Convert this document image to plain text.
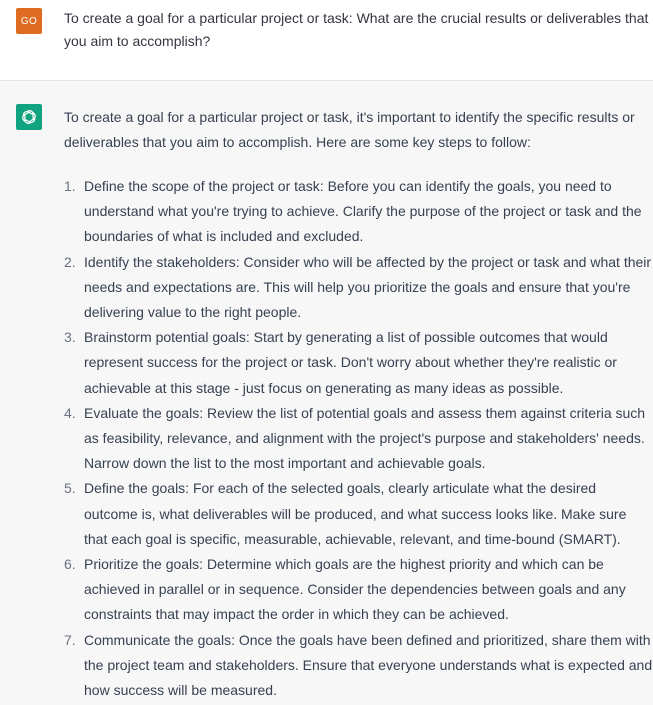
GO To create a goal for a particular project or task: What are the crucial results or deliverables that you aim to accomplish?

To create a goal for a particular project or task, it's important to identify the specific results or deliverables that you aim to accomplish. Here are some key steps to follow:

1. Define the scope of the project or task: Before you can identify the goals, you need to understand what you're trying to achieve. Clarify the purpose of the project or task and the boundaries of what is included and excluded.
2. Identify the stakeholders: Consider who will be affected by the project or task and what their needs and expectations are. This will help you prioritize the goals and ensure that you're delivering value to the right people.
3. Brainstorm potential goals: Start by generating a list of possible outcomes that would represent success for the project or task. Don't worry about whether they're realistic or achievable at this stage - just focus on generating as many ideas as possible.
4. Evaluate the goals: Review the list of potential goals and assess them against criteria such as feasibility, relevance, and alignment with the project's purpose and stakeholders' needs. Narrow down the list to the most important and achievable goals.
5. Define the goals: For each of the selected goals, clearly articulate what the desired outcome is, what deliverables will be produced, and what success looks like. Make sure that each goal is specific, measurable, achievable, relevant, and time-bound (SMART).
6. Prioritize the goals: Determine which goals are the highest priority and which can be achieved in parallel or in sequence. Consider the dependencies between goals and any constraints that may impact the order in which they can be achieved.
7. Communicate the goals: Once the goals have been defined and prioritized, share them with the project team and stakeholders. Ensure that everyone understands what is expected and how success will be measured.
